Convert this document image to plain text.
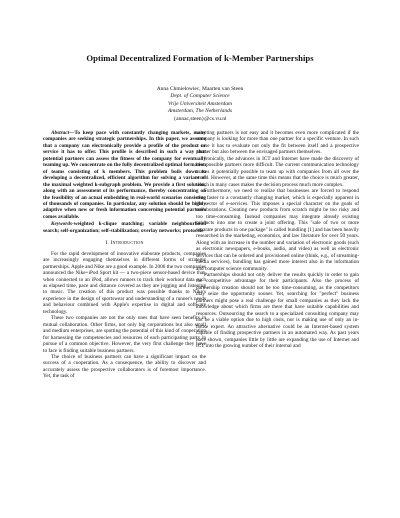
Optimal Decentralized Formation of k-Member Partnerships
Anna Chmielowiec, Maarten van Steen
Dept. of Computer Science
Vrije Universiteit Amsterdam
Amsterdam, The Netherlands
{annac,steen}@cs.vu.nl

Abstract—To keep pace with constantly changing markets, many companies are seeking strategic partnerships. In this paper, we assume that a company can electronically provide a profile of the product or service it has to offer. This profile is described in such a way that potential partners can assess the fitness of the company for eventually teaming up. We concentrate on the fully decentralized optimal formation of teams consisting of k members. This problem boils down to developing a decentralized, efficient algorithm for solving a variant of the maximal weighted k-subgraph problem. We provide a first solution, along with an assessment of its performance, thereby concentrating on the feasibility of an actual embedding in real-world scenarios consisting of thousands of companies. In particular, any solution should be highly adaptive when new or fresh information concerning potential partners comes available.

Keywords-weighted k-clique matching; variable neighbourhood search; self-organization; self-stabilization; overlay networks; protocols

I. Introduction

For the rapid development of innovative elaborate products, companies are increasingly engaging themselves in different forms of strategic partnerships. Apple and Nike are a good example. In 2006 the two companies announced the Nike+iPod Sport kit — a two-piece sensor-based device that, when connected to an iPod, allows runners to track their workout data such as elapsed time, pace and distance covered as they are jogging and listening to music. The creation of this product was possible thanks to Nike's experience in the design of sportswear and understanding of a runner's needs and behaviour combined with Apple's expertise in digital and software technology.

These two companies are not the only ones that have seen benefits in mutual collaboration. Other firms, not only big corporations but also small and medium enterprises, are spotting the potential of this kind of cooperation for harnessing the competencies and resources of each participating party in pursue of a common objective. However, the very first challenge they have to face is finding suitable business partners.

The choice of business partners can have a significant impact on the success of a cooperation. As a consequence, the ability to discover and accurately assess the prospective collaborators is of foremost importance. Yet, the task of

selecting partners is not easy and it becomes even more complicated if the company is looking for more than one partner for a specific venture. In such a case it has to evaluate not only the fit between itself and a prospective partner but also between the envisaged partners themselves.

Ironically, the advances in ICT and Internet have made the discovery of best possible partners more difficult. The current communication technology makes it potentially possible to team up with companies from all over the world. However, at the same time this means that the choice is much greater, which in many cases makes the decision process much more complex.

Furthermore, we need to realize that businesses are forced to respond ever faster to a constantly changing market, which is especially apparent in the sector of e-services. This imposes a special character on the goals of collaborations. Creating new products from scratch might be too risky and too time-consuming. Instead companies may integrate already existing products into one to create a joint offering. This "sale of two or more separate products in one package" is called bundling [1] and has been heavily researched in the marketing, economics, and law literature for over 50 years. Along with an increase in the number and variation of electronic goods (such as electronic newspapers, e-books, audio, and video) as well as electronic services that can be ordered and provisioned online (think, e.g., of streaming-media services), bundling has gained more interest also in the information and computer science community.

Partnerships should not only deliver the results quickly in order to gain the competitive advantage for their participants. Also the process of partnership creation should not be too time-consuming, as the competitors may seize the opportunity sooner. Yet, searching for "perfect" business partners might pose a real challenge for small companies as they lack the knowledge about which firms are there that have suitable capabilities and resources. Outsourcing the search to a specialized consulting company may not be a viable option due to high costs, nor is making use of only an in-house expert. An attractive alternative could be an Internet-based system capable of finding prospective partners in an automated way. As past years have shown, companies little by little are expanding the use of Internet and ICT into the growing number of their internal and
